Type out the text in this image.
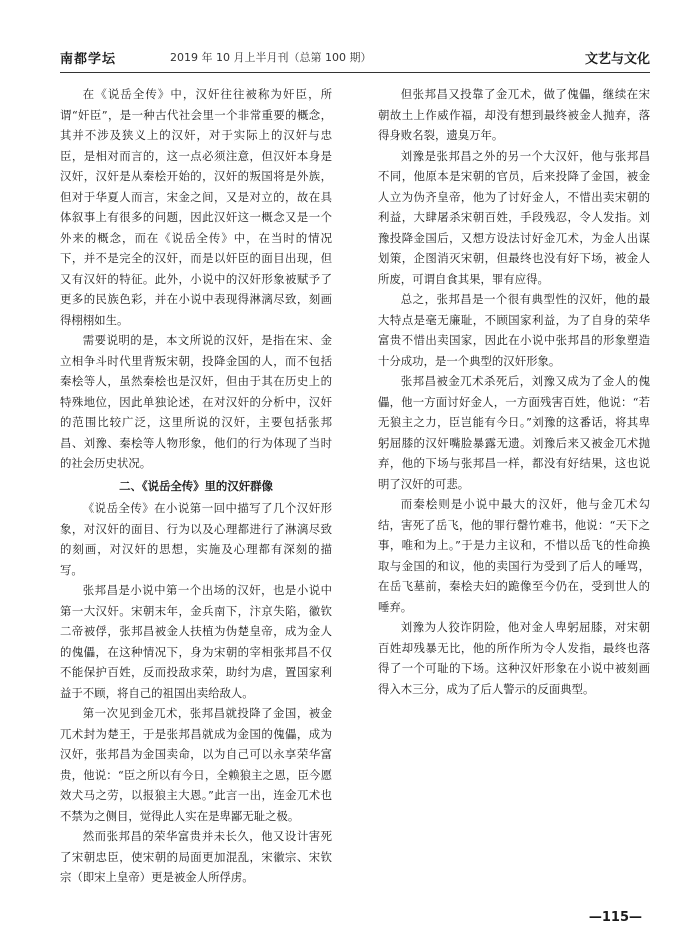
南都学坛	2019 年 10 月上半月刊（总第 100 期）	文艺与文化

在《说岳全传》中，汉奸往往被称为奸臣，所谓“奸臣”，是一种古代社会里一个非常重要的概念，其并不涉及狭义上的汉奸，对于实际上的汉奸与忠臣，是相对而言的，这一点必须注意，但汉奸本身是汉奸，汉奸是从秦桧开始的，汉奸的叛国将是外族，但对于华夏人而言，宋金之间，又是对立的，故在具体叙事上有很多的问题，因此汉奸这一概念又是一个外来的概念，而在《说岳全传》中，在当时的情况下，并不是完全的汉奸，而是以奸臣的面目出现，但又有汉奸的特征。此外，小说中的汉奸形象被赋予了更多的民族色彩，并在小说中表现得淋漓尽致，刻画得栩栩如生。

需要说明的是，本文所说的汉奸，是指在宋、金立相争斗时代里背叛宋朝，投降金国的人，而不包括秦桧等人，虽然秦桧也是汉奸，但由于其在历史上的特殊地位，因此单独论述，在对汉奸的分析中，汉奸的范围比较广泛，这里所说的汉奸，主要包括张邦昌、刘豫、秦桧等人物形象，他们的行为体现了当时的社会历史状况。

二、《说岳全传》里的汉奸群像

《说岳全传》在小说第一回中描写了几个汉奸形象，对汉奸的面目、行为以及心理都进行了淋漓尽致的刻画，对汉奸的思想，实施及心理都有深刻的描写。

张邦昌是小说中第一个出场的汉奸，也是小说中第一大汉奸。宋朝末年，金兵南下，汴京失陷，徽钦二帝被俘，张邦昌被金人扶植为伪楚皇帝，成为金人的傀儡，在这种情况下，身为宋朝的宰相张邦昌不仅不能保护百姓，反而投敌求荣，助纣为虐，置国家利益于不顾，将自己的祖国出卖给敌人。

第一次见到金兀术，张邦昌就投降了金国，被金兀术封为楚王，于是张邦昌就成为金国的傀儡，成为汉奸，张邦昌为金国卖命，以为自己可以永享荣华富贵，他说：“臣之所以有今日，全赖狼主之恩，臣今愿效犬马之劳，以报狼主大恩。”此言一出，连金兀术也不禁为之侧目，觉得此人实在是卑鄙无耻之极。

然而张邦昌的荣华富贵并未长久，他又设计害死了宋朝忠臣，使宋朝的局面更加混乱，宋徽宗、宋钦宗（即宋上皇帝）更是被金人所俘虏。

但张邦昌又投靠了金兀术，做了傀儡，继续在宋朝故土上作威作福，却没有想到最终被金人抛弃，落得身败名裂，遗臭万年。

刘豫是张邦昌之外的另一个大汉奸，他与张邦昌不同，他原本是宋朝的官员，后来投降了金国，被金人立为伪齐皇帝，他为了讨好金人，不惜出卖宋朝的利益，大肆屠杀宋朝百姓，手段残忍，令人发指。刘豫投降金国后，又想方设法讨好金兀术，为金人出谋划策，企图消灭宋朝，但最终也没有好下场，被金人所废，可谓自食其果，罪有应得。

总之，张邦昌是一个很有典型性的汉奸，他的最大特点是毫无廉耻，不顾国家利益，为了自身的荣华富贵不惜出卖国家，因此在小说中张邦昌的形象塑造十分成功，是一个典型的汉奸形象。

张邦昌被金兀术杀死后，刘豫又成为了金人的傀儡，他一方面讨好金人，一方面残害百姓，他说：“若无狼主之力，臣岂能有今日。”刘豫的这番话，将其卑躬屈膝的汉奸嘴脸暴露无遗。刘豫后来又被金兀术抛弃，他的下场与张邦昌一样，都没有好结果，这也说明了汉奸的可悲。

而秦桧则是小说中最大的汉奸，他与金兀术勾结，害死了岳飞，他的罪行罄竹难书，他说：“天下之事，唯和为上。”于是力主议和，不惜以岳飞的性命换取与金国的和议，他的卖国行为受到了后人的唾骂，在岳飞墓前，秦桧夫妇的跪像至今仍在，受到世人的唾弃。

刘豫为人狡诈阴险，他对金人卑躬屈膝，对宋朝百姓却残暴无比，他的所作所为令人发指，最终也落得了一个可耻的下场。这种汉奸形象在小说中被刻画得入木三分，成为了后人警示的反面典型。

—115—
